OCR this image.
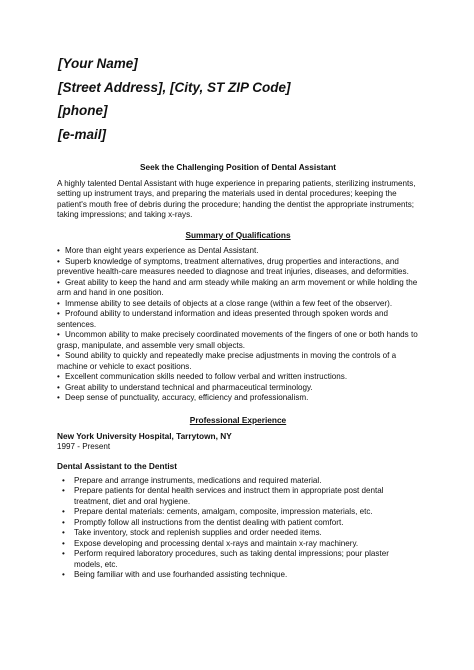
[Your Name]
[Street Address], [City, ST ZIP Code]
[phone]
[e-mail]
Seek the Challenging Position of Dental Assistant

A highly talented Dental Assistant with huge experience in preparing patients, sterilizing instruments, setting up instrument trays, and preparing the materials used in dental procedures; keeping the patient's mouth free of debris during the procedure; handing the dentist the appropriate instruments; taking impressions; and taking x-rays.

Summary of Qualifications
• More than eight years experience as Dental Assistant.
• Superb knowledge of symptoms, treatment alternatives, drug properties and interactions, and preventive health-care measures needed to diagnose and treat injuries, diseases, and deformities.
• Great ability to keep the hand and arm steady while making an arm movement or while holding the arm and hand in one position.
• Immense ability to see details of objects at a close range (within a few feet of the observer).
• Profound ability to understand information and ideas presented through spoken words and sentences.
• Uncommon ability to make precisely coordinated movements of the fingers of one or both hands to grasp, manipulate, and assemble very small objects.
• Sound ability to quickly and repeatedly make precise adjustments in moving the controls of a machine or vehicle to exact positions.
• Excellent communication skills needed to follow verbal and written instructions.
• Great ability to understand technical and pharmaceutical terminology.
• Deep sense of punctuality, accuracy, efficiency and professionalism.
Professional Experience
New York University Hospital, Tarrytown, NY
1997 - Present
Dental Assistant to the Dentist
• Prepare and arrange instruments, medications and required material.
• Prepare patients for dental health services and instruct them in appropriate post dental treatment, diet and oral hygiene.
• Prepare dental materials: cements, amalgam, composite, impression materials, etc.
• Promptly follow all instructions from the dentist dealing with patient comfort.
• Take inventory, stock and replenish supplies and order needed items.
• Expose developing and processing dental x-rays and maintain x-ray machinery.
• Perform required laboratory procedures, such as taking dental impressions; pour plaster models, etc.
• Being familiar with and use fourhanded assisting technique.
